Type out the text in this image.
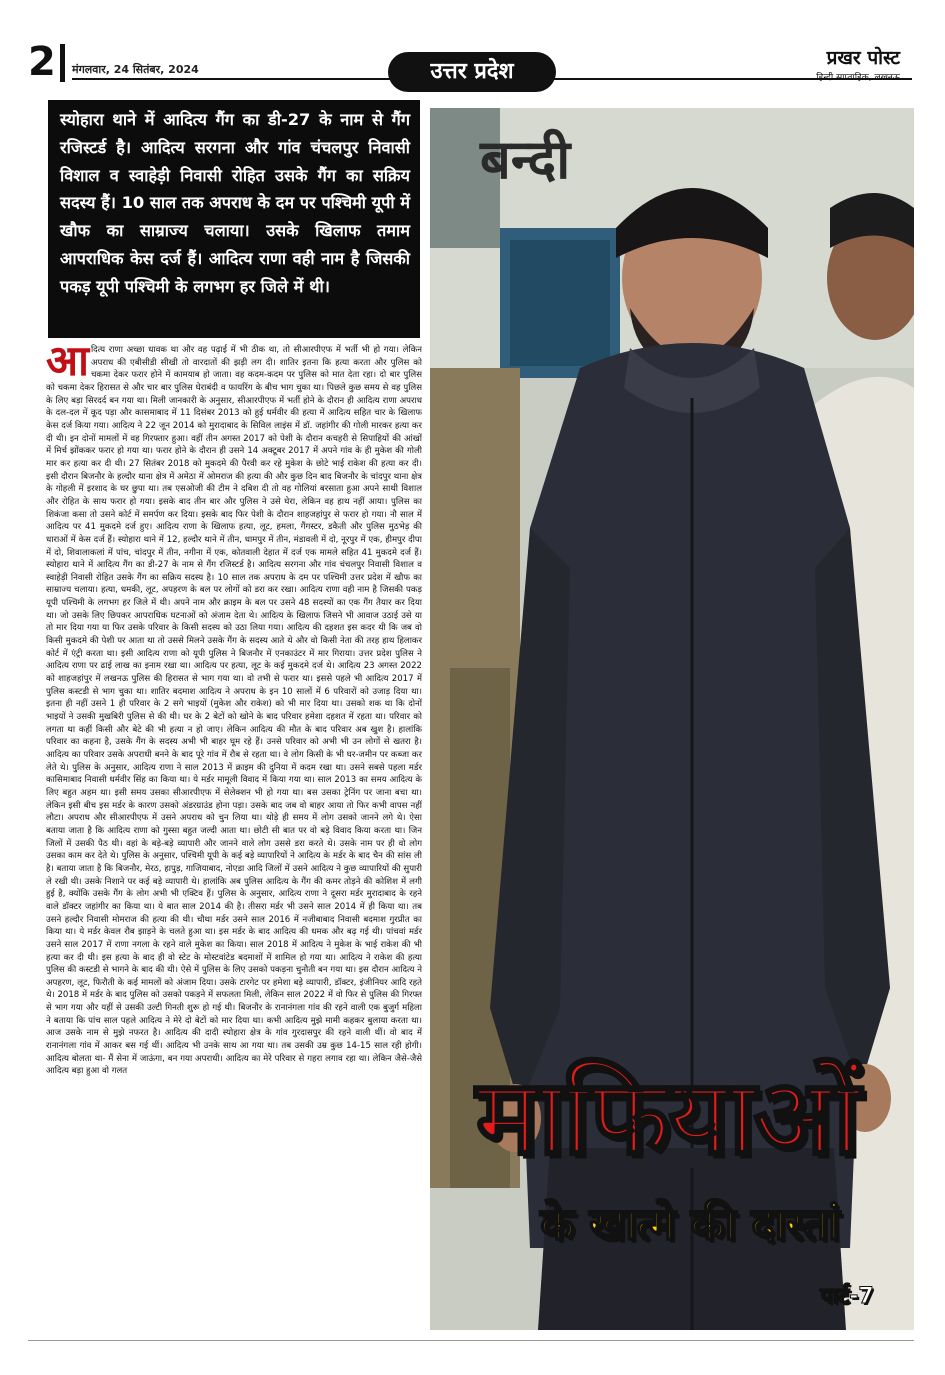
2 मंगलवार, 24 सितंबर, 2024	उत्तर प्रदेश
प्रखर पोस्ट
हिन्दी साप्ताहिक, लखनऊ
स्योहारा थाने में आदित्य गैंग का डी-27 के नाम से गैंग रजिस्टर्ड है। आदित्य सरगना और गांव चंचलपुर निवासी विशाल व स्वाहेड़ी निवासी रोहित उसके गैंग का सक्रिय सदस्य हैं। 10 साल तक अपराध के दम पर पश्चिमी यूपी में खौफ का साम्राज्य चलाया। उसके खिलाफ तमाम आपराधिक केस दर्ज हैं। आदित्य राणा वही नाम है जिसकी पकड़ यूपी पश्चिमी के लगभग हर जिले में थी।
आदित्य राणा अच्छा धावक था और वह पढ़ाई में भी ठीक था, तो सीआरपीएफ में भर्ती भी हो गया। लेकिन अपराध की एबीसीडी सीखी तो वारदातों की झड़ी लग दी। शातिर इतना कि हत्या करता और पुलिस को चकमा देकर फरार होने में कामयाब हो जाता। वह कदम-कदम पर पुलिस को मात देता रहा। दो बार पुलिस को चकमा देकर हिरासत से और चार बार पुलिस घेराबंदी व फायरिंग के बीच भाग चुका था। पिछले कुछ समय से वह पुलिस के लिए बड़ा सिरदर्द बन गया था। मिली जानकारी के अनुसार, सीआरपीएफ में भर्ती होने के दौरान ही आदित्य राणा अपराध के दल-दल में कूद पड़ा और कासमाबाद में 11 दिसंबर 2013 को हुई धर्मवीर की हत्या में आदित्य सहित चार के खिलाफ केस दर्ज किया गया। आदित्य ने 22 जून 2014 को मुरादाबाद के सिविल लाइंस में डॉ. जहांगीर की गोली मारकर हत्या कर दी थी। इन दोनों मामलों में वह गिरफ्तार हुआ। वहीं तीन अगस्त 2017 को पेशी के दौरान कचहरी से सिपाहियों की आंखों में मिर्च झोंककर फरार हो गया था। फरार होने के दौरान ही उसने 14 अक्टूबर 2017 में अपने गांव के ही मुकेश की गोली मार कर हत्या कर दी थी। 27 सितंबर 2018 को मुकदमे की पैरवी कर रहे मुकेश के छोटे भाई राकेश की हत्या कर दी। इसी दौरान बिजनौर के हल्दौर थाना क्षेत्र में अमेठा में ओमराज की हत्या की और कुछ दिन बाद बिजनौर के चांदपुर थाना क्षेत्र के गोहली में इरशाद के घर छुपा था। तब एसओजी की टीम ने दबिश दी तो वह गोलियां बरसाता हुआ अपने साथी विशाल और रोहित के साथ फरार हो गया। इसके बाद तीन बार और पुलिस ने उसे घेरा, लेकिन वह हाथ नहीं आया। पुलिस का शिकंजा कसा तो उसने कोर्ट में समर्पण कर दिया। इसके बाद फिर पेशी के दौरान शाहजहांपुर से फरार हो गया। नौ साल में आदित्य पर 41 मुकदमे दर्ज हुए। आदित्य राणा के खिलाफ हत्या, लूट, हमला, गैंगस्टर, डकैती और पुलिस मुठभेड़ की धाराओं में केस दर्ज हैं। स्योहारा थाने में 12, हल्दौर थाने में तीन, धामपुर में तीन, मंडावली में दो, नूरपुर में एक, हीमपुर दीपा में दो, शिवालाकलां में पांच, चांदपुर में तीन, नगीना में एक, कोतवाली देहात में दर्ज एक मामले सहित 41 मुकदमे दर्ज हैं। स्योहारा थाने में आदित्य गैंग का डी-27 के नाम से गैंग रजिस्टर्ड है। आदित्य सरगना और गांव चंचलपुर निवासी विशाल व स्वाहेड़ी निवासी रोहित उसके गैंग का सक्रिय सदस्य है। 10 साल तक अपराध के दम पर पश्चिमी उत्तर प्रदेश में खौफ का साम्राज्य चलाया। हत्या, धमकी, लूट, अपहरण के बल पर लोगों को डरा कर रखा। आदित्य राणा वही नाम है जिसकी पकड़ यूपी पश्चिमी के लगभग हर जिले में थी। अपने नाम और क्राइम के बल पर उसने 48 सदस्यों का एक गैंग तैयार कर दिया था। जो उसके लिए छिपकर आपराधिक घटनाओं को अंजाम देता थे। आदित्य के खिलाफ जिसने भी आवाज उठाई उसे या तो मार दिया गया या फिर उसके परिवार के किसी सदस्य को उठा लिया गया। आदित्य की दहशत इस कदर थी कि जब वो किसी मुकदमे की पेशी पर आता था तो उससे मिलने उसके गैंग के सदस्य आते थे और वो किसी नेता की तरह हाथ हिलाकर कोर्ट में एंट्री करता था। इसी आदित्य राणा को यूपी पुलिस ने बिजनौर में एनकाउंटर में मार गिराया। उत्तर प्रदेश पुलिस ने आदित्य राणा पर ढाई लाख का इनाम रखा था। आदित्य पर हत्या, लूट के कई मुकदमे दर्ज थे। आदित्य 23 अगस्त 2022 को शाहजहांपुर में लखनऊ पुलिस की हिरासत से भाग गया था। वो तभी से फरार था। इससे पहले भी आदित्य 2017 में पुलिस कस्टडी से भाग चुका था। शातिर बदमाश आदित्य ने अपराध के इन 10 सालों में 6 परिवारों को उजाड़ दिया था। इतना ही नहीं उसने 1 ही परिवार के 2 सगे भाइयों (मुकेश और राकेश) को भी मार दिया था। उसको शक था कि दोनों भाइयों ने उसकी मुखबिरी पुलिस से की थी। घर के 2 बेटों को खोने के बाद परिवार हमेशा दहशत में रहता था। परिवार को लगता था कहीं किसी और बेटे की भी हत्या न हो जाए। लेकिन आदित्य की मौत के बाद परिवार अब खुश है। हालांकि परिवार का कहना है, उसके गैंग के सदस्य अभी भी बाहर घूम रहे हैं। उनसे परिवार को अभी भी उन लोगों से खतरा है। आदित्य का परिवार उसके अपराधी बनने के बाद पूरे गांव में रौब से रहता था। वे लोग किसी के भी घर-जमीन पर कब्जा कर लेते थे। पुलिस के अनुसार, आदित्य राणा ने साल 2013 में क्राइम की दुनिया में कदम रखा था। उसने सबसे पहला मर्डर कासिमाबाद निवासी धर्मवीर सिंह का किया था। ये मर्डर मामूली विवाद में किया गया था। साल 2013 का समय आदित्य के लिए बहुत अहम था। इसी समय उसका सीआरपीएफ में सेलेक्शन भी हो गया था। बस उसका ट्रेनिंग पर जाना बचा था। लेकिन इसी बीच इस मर्डर के कारण उसको अंडरग्राउंड होना पड़ा। उसके बाद जब वो बाहर आया तो फिर कभी वापस नहीं लौटा। अपराध और सीआरपीएफ में उसने अपराध को चुन लिया था। थोड़े ही समय में लोग उसको जानने लगे थे। ऐसा बताया जाता है कि आदित्य राणा को गुस्सा बहुत जल्दी आता था। छोटी सी बात पर वो बड़े विवाद किया करता था। जिन जिलों में उसकी पैठ थी। वहां के बड़े-बड़े व्यापारी और जानने वाले लोग उससे डरा करते थे। उसके नाम पर ही वो लोग उसका काम कर देते थे। पुलिस के अनुसार, पश्चिमी यूपी के कई बड़े व्यापारियों ने आदित्य के मर्डर के बाद चैन की सांस ली है। बताया जाता है कि बिजनौर, मेरठ, हापुड़, गाजियाबाद, नोएडा आदि जिलों में उसने आदित्य ने कुछ व्यापारियों की सुपारी ले रखी थी। उसके निशाने पर कई बड़े व्यापारी थे। हालांकि अब पुलिस आदित्य के गैंग की कमर तोड़ने की कोशिश में लगी हुई है, क्योंकि उसके गैंग के लोग अभी भी एक्टिव हैं। पुलिस के अनुसार, आदित्य राणा ने दूसरा मर्डर मुरादाबाद के रहने वाले डॉक्टर जहांगीर का किया था। ये बात साल 2014 की है। तीसरा मर्डर भी उसने साल 2014 में ही किया था। तब उसने हल्दौर निवासी मोमराज की हत्या की थी। चौथा मर्डर उसने साल 2016 में नजीबाबाद निवासी बदमाश गुरप्रीत का किया था। ये मर्डर केवल रौब झाड़ने के चलते हुआ था। इस मर्डर के बाद आदित्य की धमक और बढ़ गई थी। पांचवां मर्डर उसने साल 2017 में राणा नगला के रहने वाले मुकेश का किया। साल 2018 में आदित्य ने मुकेश के भाई राकेश की भी हत्या कर दी थी। इस हत्या के बाद ही वो स्टेट के मोस्टवांटेड बदमाशों में शामिल हो गया था। आदित्य ने राकेश की हत्या पुलिस की कस्टडी से भागने के बाद की थी। ऐसे में पुलिस के लिए उसको पकड़ना चुनौती बन गया था। इस दौरान आदित्य ने अपहरण, लूट, फिरौती के कई मामलों को अंजाम दिया। उसके टारगेट पर हमेशा बड़े व्यापारी, डॉक्टर, इंजीनियर आदि रहते थे। 2018 में मर्डर के बाद पुलिस को उसको पकड़ने में सफलता मिली, लेकिन साल 2022 में वो फिर से पुलिस की गिरफ्त से भाग गया और यहीं से उसकी उल्टी गिनती शुरू हो गई थी। बिजनौर के रानानंगला गांव की रहने वाली एक बुजुर्ग महिला ने बताया कि पांच साल पहले आदित्य ने मेरे दो बेटों को मार दिया था। कभी आदित्य मुझे मामी कहकर बुलाया करता था। आज उसके नाम से मुझे नफरत है। आदित्य की दादी स्योहारा क्षेत्र के गांव गुरदासपुर की रहने वाली थीं। वो बाद में रानानंगला गांव में आकर बस गई थीं। आदित्य भी उनके साथ आ गया था। तब उसकी उम्र कुछ 14-15 साल रही होगी। आदित्य बोलता था- मैं सेना में जाऊंगा, बन गया अपराधी। आदित्य का मेरे परिवार से गहरा लगाव रहा था। लेकिन जैसे-जैसे आदित्य बड़ा हुआ वो गलत
बन्दी
माफियाओं
के खात्मे की दास्तां
पार्ट-7
